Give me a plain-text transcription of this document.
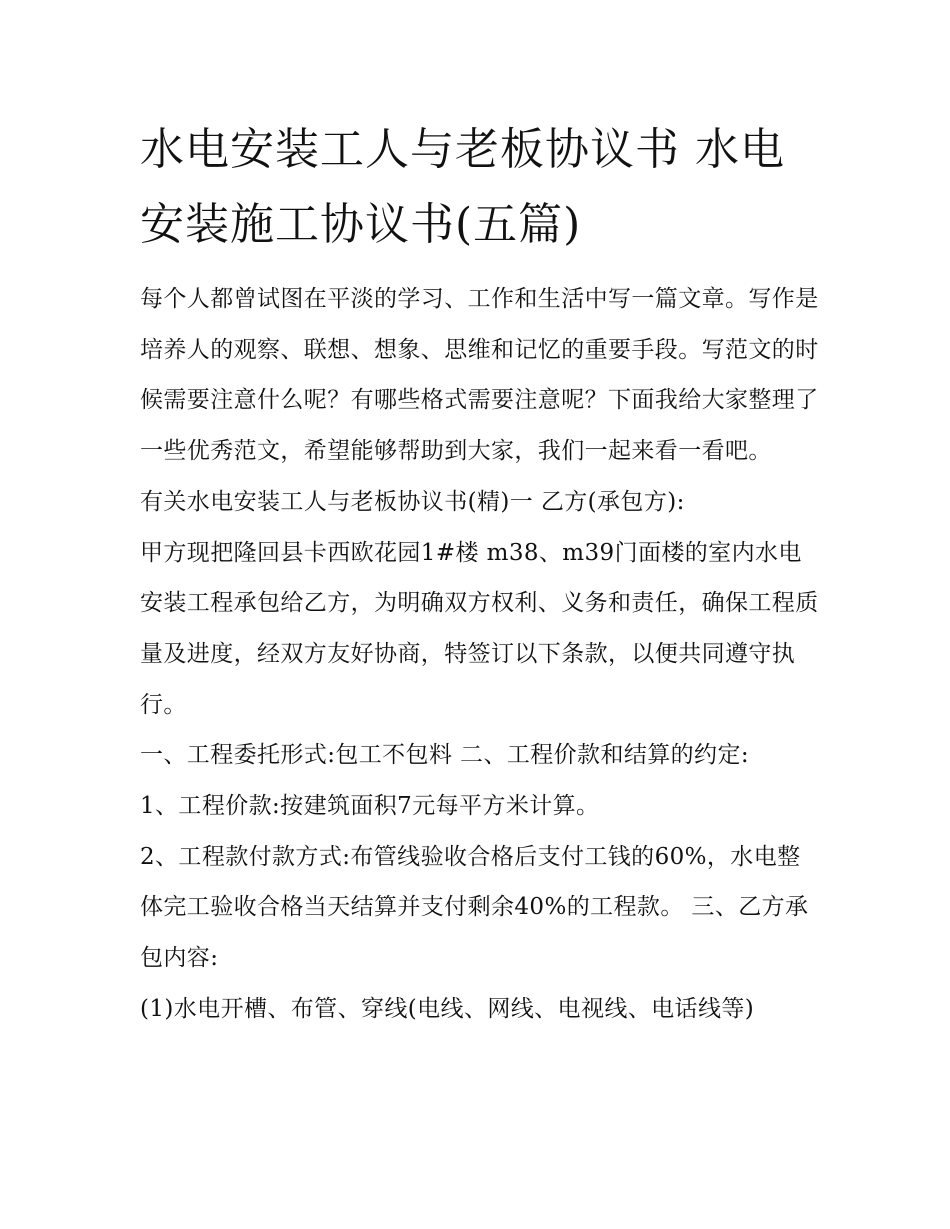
水电安装工人与老板协议书 水电安装施工协议书(五篇)

每个人都曾试图在平淡的学习、工作和生活中写一篇文章。写作是培养人的观察、联想、想象、思维和记忆的重要手段。写范文的时候需要注意什么呢？有哪些格式需要注意呢？下面我给大家整理了一些优秀范文，希望能够帮助到大家，我们一起来看一看吧。

有关水电安装工人与老板协议书(精)一 乙方(承包方):

甲方现把隆回县卡西欧花园1#楼 m38、m39门面楼的室内水电安装工程承包给乙方，为明确双方权利、义务和责任，确保工程质量及进度，经双方友好协商，特签订以下条款，以便共同遵守执行。

一、工程委托形式:包工不包料 二、工程价款和结算的约定:

1、工程价款:按建筑面积7元每平方米计算。

2、工程款付款方式:布管线验收合格后支付工钱的60%，水电整体完工验收合格当天结算并支付剩余40%的工程款。 三、乙方承包内容:

(1)水电开槽、布管、穿线(电线、网线、电视线、电话线等)
